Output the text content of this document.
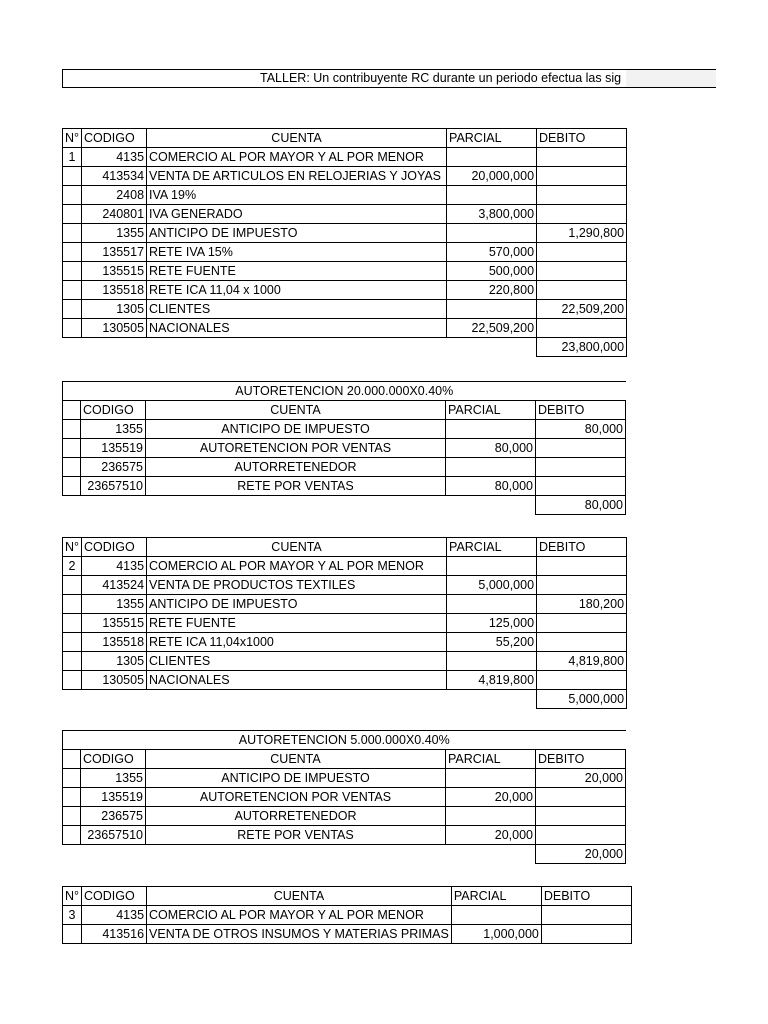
TALLER: Un contribuyente RC durante un periodo efectua las sig
N°	CODIGO	CUENTA	PARCIAL	DEBITO
1	4135	COMERCIO AL POR MAYOR Y AL POR MENOR		
	413534	VENTA DE ARTICULOS EN RELOJERIAS Y JOYAS	20,000,000	
	2408	IVA 19%		
	240801	IVA GENERADO	3,800,000	
	1355	ANTICIPO DE IMPUESTO		1,290,800
	135517	RETE IVA 15%	570,000	
	135515	RETE FUENTE	500,000	
	135518	RETE ICA 11,04 x 1000	220,800	
	1305	CLIENTES		22,509,200
	130505	NACIONALES	22,509,200	
				23,800,000
AUTORETENCION 20.000.000X0.40%				
	CODIGO	CUENTA	PARCIAL	DEBITO
	1355	ANTICIPO DE IMPUESTO		80,000
	135519	AUTORETENCION POR VENTAS	80,000	
	236575	AUTORRETENEDOR		
	23657510	RETE POR VENTAS	80,000	
				80,000
N°	CODIGO	CUENTA	PARCIAL	DEBITO
2	4135	COMERCIO AL POR MAYOR Y AL POR MENOR		
	413524	VENTA DE PRODUCTOS TEXTILES	5,000,000	
	1355	ANTICIPO DE IMPUESTO		180,200
	135515	RETE FUENTE	125,000	
	135518	RETE ICA 11,04x1000	55,200	
	1305	CLIENTES		4,819,800
	130505	NACIONALES	4,819,800	
				5,000,000
AUTORETENCION 5.000.000X0.40%				
	CODIGO	CUENTA	PARCIAL	DEBITO
	1355	ANTICIPO DE IMPUESTO		20,000
	135519	AUTORETENCION POR VENTAS	20,000	
	236575	AUTORRETENEDOR		
	23657510	RETE POR VENTAS	20,000	
				20,000
N°	CODIGO	CUENTA	PARCIAL	DEBITO
3	4135	COMERCIO AL POR MAYOR Y AL POR MENOR		
	413516	VENTA DE OTROS INSUMOS Y MATERIAS PRIMAS	1,000,000	
